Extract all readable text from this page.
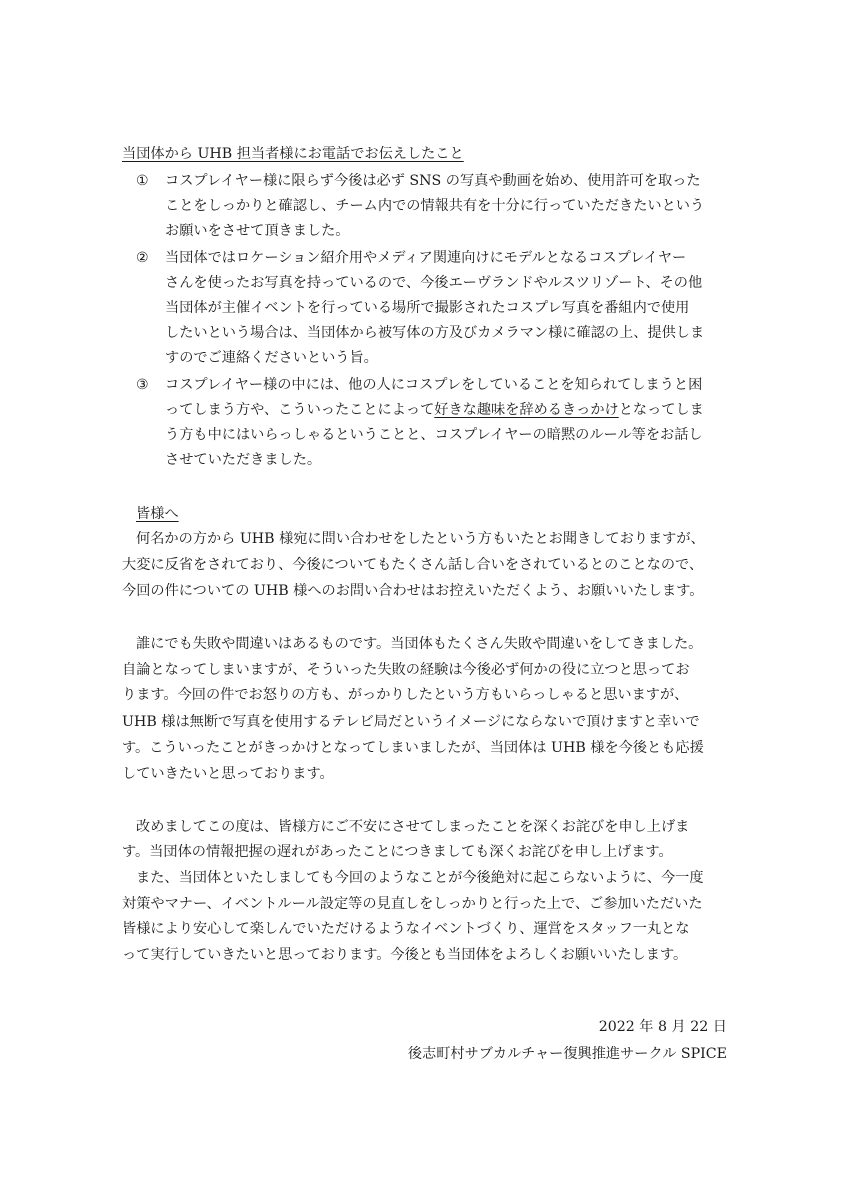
当団体から UHB 担当者様にお電話でお伝えしたこと
① コスプレイヤー様に限らず今後は必ず SNS の写真や動画を始め、使用許可を取った
ことをしっかりと確認し、チーム内での情報共有を十分に行っていただきたいという
お願いをさせて頂きました。
② 当団体ではロケーション紹介用やメディア関連向けにモデルとなるコスプレイヤー
さんを使ったお写真を持っているので、今後エーヴランドやルスツリゾート、その他
当団体が主催イベントを行っている場所で撮影されたコスプレ写真を番組内で使用
したいという場合は、当団体から被写体の方及びカメラマン様に確認の上、提供しま
すのでご連絡くださいという旨。
③ コスプレイヤー様の中には、他の人にコスプレをしていることを知られてしまうと困
ってしまう方や、こういったことによって好きな趣味を辞めるきっかけとなってしま
う方も中にはいらっしゃるということと、コスプレイヤーの暗黙のルール等をお話し
させていただきました。
皆様へ
何名かの方から UHB 様宛に問い合わせをしたという方もいたとお聞きしておりますが、
大変に反省をされており、今後についてもたくさん話し合いをされているとのことなので、
今回の件についての UHB 様へのお問い合わせはお控えいただくよう、お願いいたします。
誰にでも失敗や間違いはあるものです。当団体もたくさん失敗や間違いをしてきました。
自論となってしまいますが、そういった失敗の経験は今後必ず何かの役に立つと思ってお
ります。今回の件でお怒りの方も、がっかりしたという方もいらっしゃると思いますが、
UHB 様は無断で写真を使用するテレビ局だというイメージにならないで頂けますと幸いで
す。こういったことがきっかけとなってしまいましたが、当団体は UHB 様を今後とも応援
していきたいと思っております。
改めましてこの度は、皆様方にご不安にさせてしまったことを深くお詫びを申し上げま
す。当団体の情報把握の遅れがあったことにつきましても深くお詫びを申し上げます。
また、当団体といたしましても今回のようなことが今後絶対に起こらないように、今一度
対策やマナー、イベントルール設定等の見直しをしっかりと行った上で、ご参加いただいた
皆様により安心して楽しんでいただけるようなイベントづくり、運営をスタッフ一丸とな
って実行していきたいと思っております。今後とも当団体をよろしくお願いいたします。
2022 年 8 月 22 日
後志町村サブカルチャー復興推進サークル SPICE
